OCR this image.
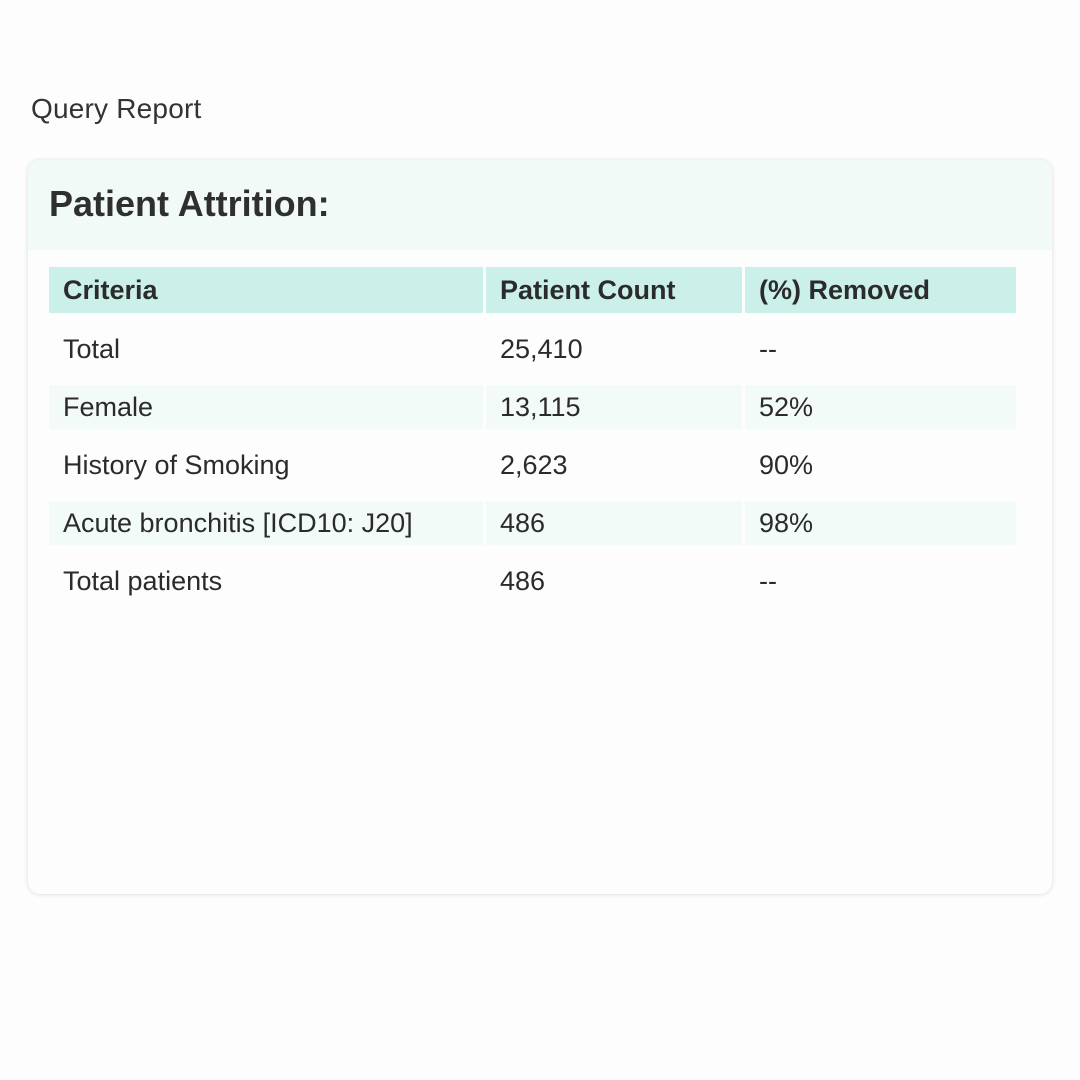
Query Report
Patient Attrition:
Criteria	Patient Count	(%) Removed

Total	25,410	--

Female	13,115	52%

History of Smoking	2,623	90%

Acute bronchitis [ICD10: J20]	486	98%

Total patients	486	--
